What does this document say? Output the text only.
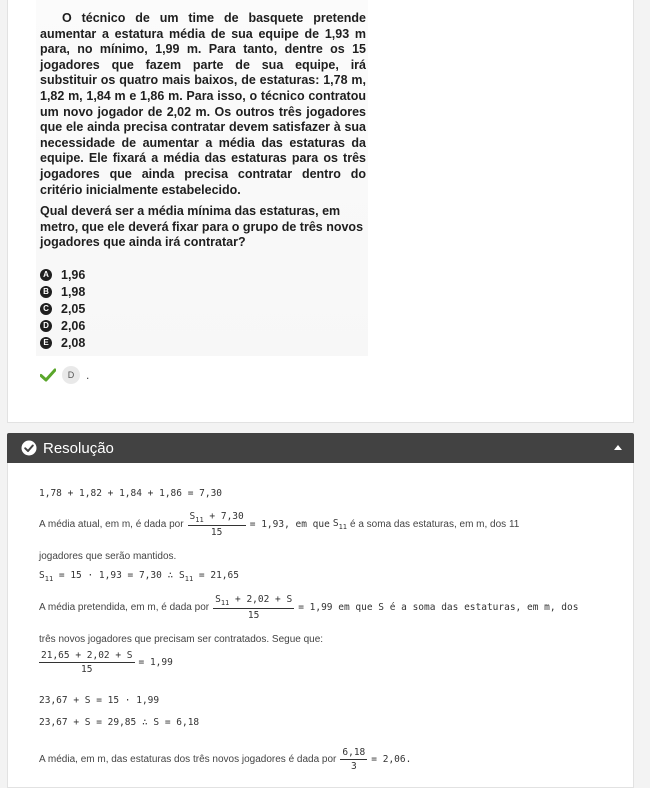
O técnico de um time de basquete pretende aumentar a estatura média de sua equipe de 1,93 m para, no mínimo, 1,99 m. Para tanto, dentre os 15 jogadores que fazem parte de sua equipe, irá substituir os quatro mais baixos, de estaturas: 1,78 m, 1,82 m, 1,84 m e 1,86 m. Para isso, o técnico contratou um novo jogador de 2,02 m. Os outros três jogadores que ele ainda precisa contratar devem satisfazer à sua necessidade de aumentar a média das estaturas da equipe. Ele fixará a média das estaturas para os três jogadores que ainda precisa contratar dentro do critério inicialmente estabelecido.

Qual deverá ser a média mínima das estaturas, em metro, que ele deverá fixar para o grupo de três novos jogadores que ainda irá contratar?

A 1,96
B 1,98
C 2,05
D 2,06
E 2,08
D .
Resolução
1,78 + 1,82 + 1,84 + 1,86 = 7,30
A média atual, em m, é dada por $\frac{S_{11} + 7,30}{15} = 1,93$, em que $S_{11}$ é a soma das estaturas, em m, dos 11
jogadores que serão mantidos.
$S_{11} = 15 \cdot 1,93 = 7,30$ ∴ $S_{11} = 21,65$
A média pretendida, em m, é dada por $\frac{S_{11} + 2,02 + S}{15} = 1,99$ em que S é a soma das estaturas, em m, dos
três novos jogadores que precisam ser contratados. Segue que:
$\frac{21,65 + 2,02 + S}{15} = 1,99$
23,67 + S = 15 · 1,99
23,67 + S = 29,85 ∴ S = 6,18
A média, em m, das estaturas dos três novos jogadores é dada por $\frac{6,18}{3} = 2,06$.
